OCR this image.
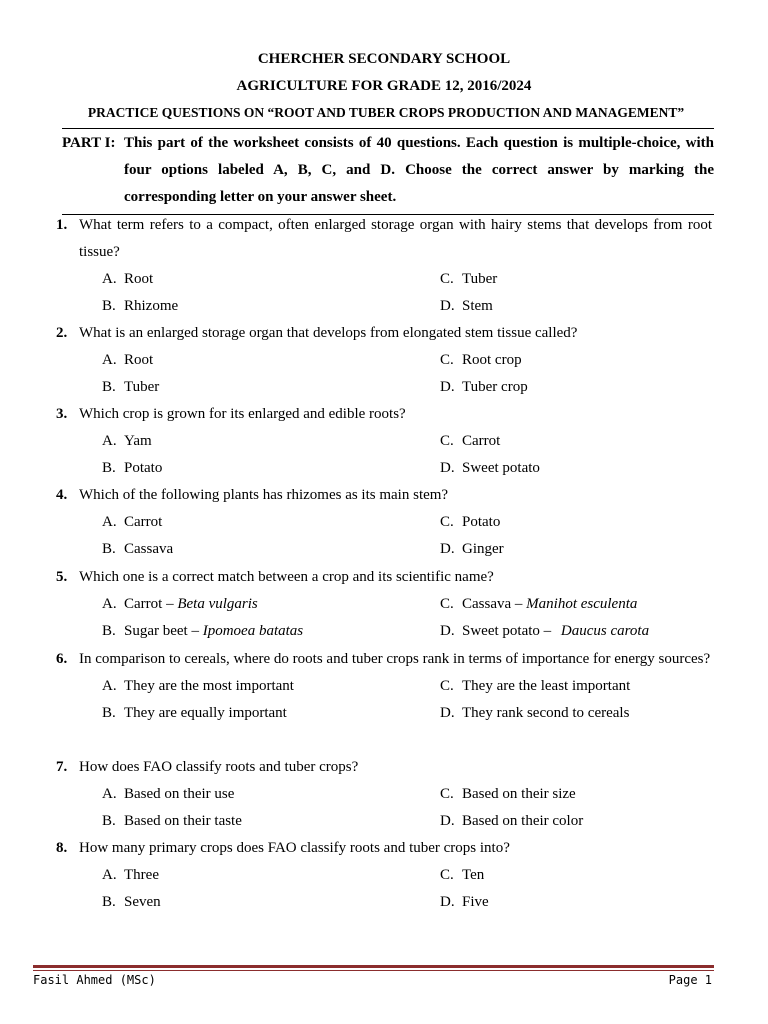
CHERCHER SECONDARY SCHOOL
AGRICULTURE FOR GRADE 12, 2016/2024
PRACTICE QUESTIONS ON “ROOT AND TUBER CROPS PRODUCTION AND MANAGEMENT”
PART I: This part of the worksheet consists of 40 questions. Each question is multiple-choice, with four options labeled A, B, C, and D. Choose the correct answer by marking the corresponding letter on your answer sheet.
1. What term refers to a compact, often enlarged storage organ with hairy stems that develops from root tissue?
A. Root	C. Tuber
B. Rhizome	D. Stem
2. What is an enlarged storage organ that develops from elongated stem tissue called?
A. Root	C. Root crop
B. Tuber	D. Tuber crop
3. Which crop is grown for its enlarged and edible roots?
A. Yam	C. Carrot
B. Potato	D. Sweet potato
4. Which of the following plants has rhizomes as its main stem?
A. Carrot	C. Potato
B. Cassava	D. Ginger
5. Which one is a correct match between a crop and its scientific name?
A. Carrot – Beta vulgaris	C. Cassava – Manihot esculenta
B. Sugar beet – Ipomoea batatas	D. Sweet potato – Daucus carota
6. In comparison to cereals, where do roots and tuber crops rank in terms of importance for energy sources?
A. They are the most important	C. They are the least important
B. They are equally important	D. They rank second to cereals
7. How does FAO classify roots and tuber crops?
A. Based on their use	C. Based on their size
B. Based on their taste	D. Based on their color
8. How many primary crops does FAO classify roots and tuber crops into?
A. Three	C. Ten
B. Seven	D. Five
Fasil Ahmed (MSc)	Page 1
